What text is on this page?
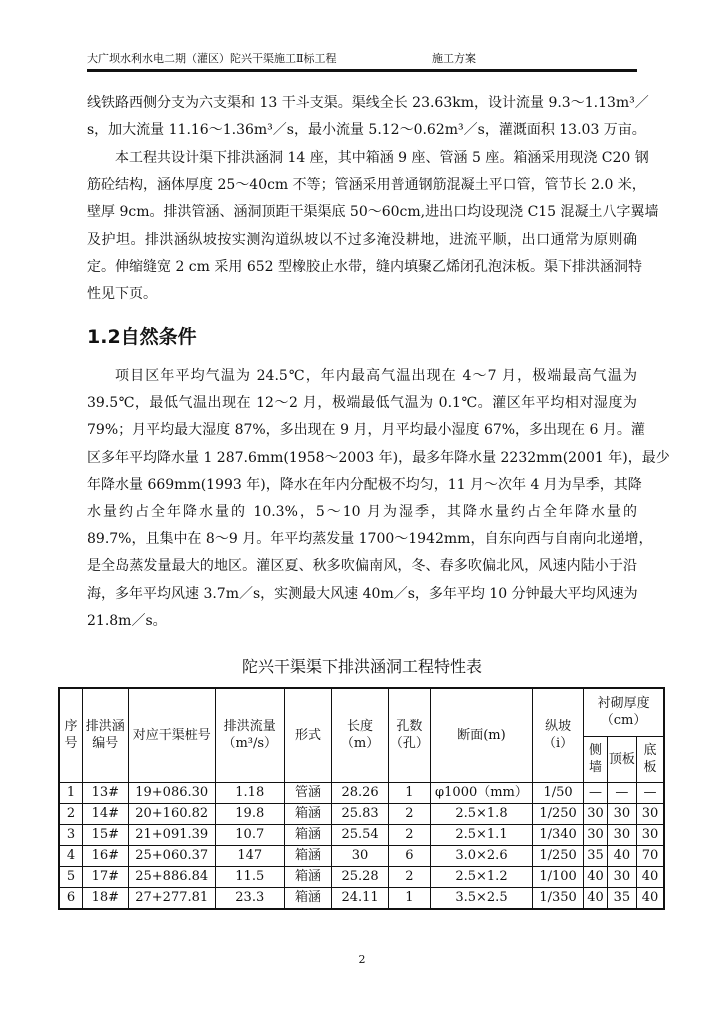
大广坝水利水电二期（灌区）陀兴干渠施工Ⅱ标工程	施工方案
线铁路西侧分支为六支渠和 13 干斗支渠。渠线全长 23.63km，设计流量 9.3～1.13m³／
s，加大流量 11.16～1.36m³／s，最小流量 5.12～0.62m³／s，灌溉面积 13.03 万亩。
本工程共设计渠下排洪涵洞 14 座，其中箱涵 9 座、管涵 5 座。箱涵采用现浇 C20 钢
筋砼结构，涵体厚度 25～40cm 不等；管涵采用普通钢筋混凝土平口管，管节长 2.0 米，
壁厚 9cm。排洪管涵、涵洞顶距干渠渠底 50～60cm,进出口均设现浇 C15 混凝土八字翼墙
及护坦。排洪涵纵坡按实测沟道纵坡以不过多淹没耕地，进流平顺，出口通常为原则确
定。伸缩缝宽 2 cm 采用 652 型橡胶止水带，缝内填聚乙烯闭孔泡沫板。渠下排洪涵洞特
性见下页。
1.2自然条件
项目区年平均气温为 24.5℃，年内最高气温出现在 4～7 月，极端最高气温为
39.5℃，最低气温出现在 12～2 月，极端最低气温为 0.1℃。灌区年平均相对湿度为
79%；月平均最大湿度 87%，多出现在 9 月，月平均最小湿度 67%，多出现在 6 月。灌
区多年平均降水量 1 287.6mm(1958～2003 年)，最多年降水量 2232mm(2001 年)，最少
年降水量 669mm(1993 年)，降水在年内分配极不均匀，11 月～次年 4 月为旱季，其降
水量约占全年降水量的 10.3%，5～10 月为湿季，其降水量约占全年降水量的
89.7%，且集中在 8～9 月。年平均蒸发量 1700～1942mm，自东向西与自南向北递增，
是全岛蒸发量最大的地区。灌区夏、秋多吹偏南风，冬、春多吹偏北风，风速内陆小于沿
海，多年平均风速 3.7m／s，实测最大风速 40m／s，多年平均 10 分钟最大平均风速为
21.8m／s。
陀兴干渠渠下排洪涵洞工程特性表
序号	排洪涵编号	对应干渠桩号	排洪流量（m³/s）	形式	长度（m）	孔数（孔）	断面(m)	纵坡（i）	衬砌厚度（cm）		
									侧墙	顶板	底板
1	13#	19+086.30	1.18	管涵	28.26	1	φ1000（mm）	1/50	—	—	—
2	14#	20+160.82	19.8	箱涵	25.83	2	2.5×1.8	1/250	30	30	30
3	15#	21+091.39	10.7	箱涵	25.54	2	2.5×1.1	1/340	30	30	30
4	16#	25+060.37	147	箱涵	30	6	3.0×2.6	1/250	35	40	70
5	17#	25+886.84	11.5	箱涵	25.28	2	2.5×1.2	1/100	40	30	40
6	18#	27+277.81	23.3	箱涵	24.11	1	3.5×2.5	1/350	40	35	40
2
